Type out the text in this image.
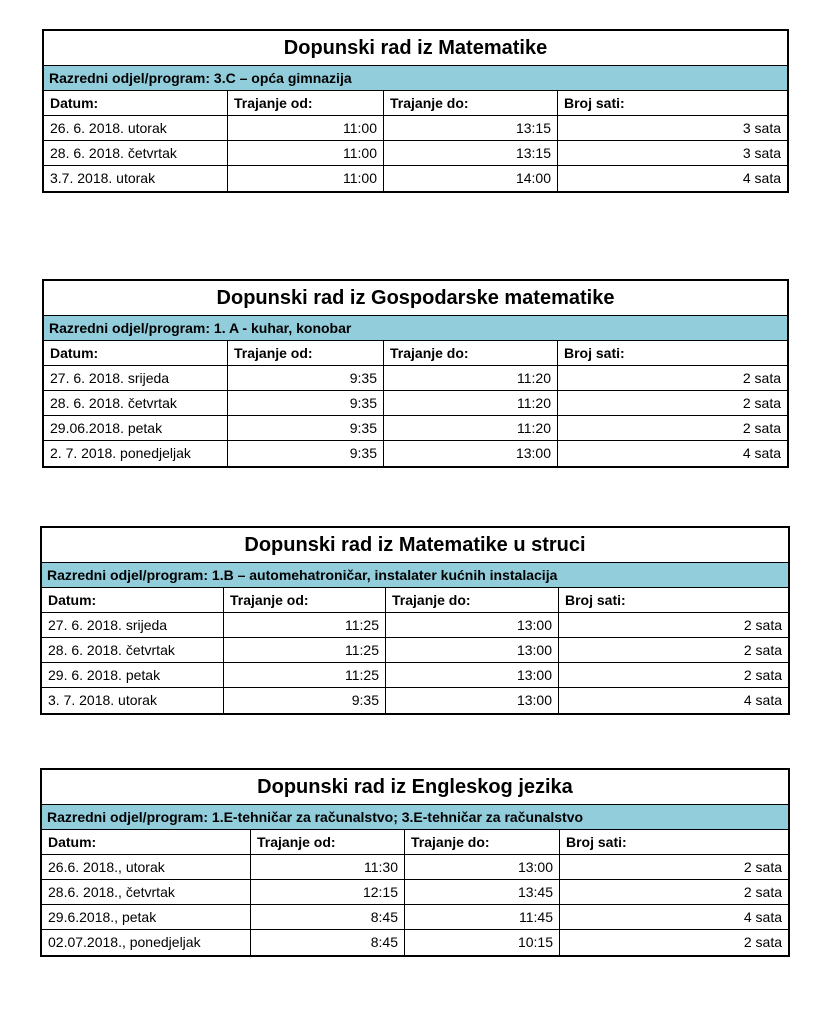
Dopunski rad iz Matematike
Razredni odjel/program: 3.C – opća gimnazija
Datum:	Trajanje od:	Trajanje do:	Broj sati:
26. 6. 2018. utorak	11:00	13:15	3 sata
28. 6. 2018. četvrtak	11:00	13:15	3 sata
3.7. 2018. utorak	11:00	14:00	4 sata
Dopunski rad iz Gospodarske matematike
Razredni odjel/program: 1. A - kuhar, konobar
Datum:	Trajanje od:	Trajanje do:	Broj sati:
27. 6. 2018. srijeda	9:35	11:20	2 sata
28. 6. 2018. četvrtak	9:35	11:20	2 sata
29.06.2018. petak	9:35	11:20	2 sata
2. 7. 2018. ponedjeljak	9:35	13:00	4 sata
Dopunski rad iz Matematike u struci
Razredni odjel/program: 1.B – automehatroničar, instalater kućnih instalacija
Datum:	Trajanje od:	Trajanje do:	Broj sati:
27. 6. 2018. srijeda	11:25	13:00	2 sata
28. 6. 2018. četvrtak	11:25	13:00	2 sata
29. 6. 2018. petak	11:25	13:00	2 sata
3. 7. 2018. utorak	9:35	13:00	4 sata
Dopunski rad iz Engleskog jezika
Razredni odjel/program: 1.E-tehničar za računalstvo; 3.E-tehničar za računalstvo
Datum:	Trajanje od:	Trajanje do:	Broj sati:
26.6. 2018., utorak	11:30	13:00	2 sata
28.6. 2018., četvrtak	12:15	13:45	2 sata
29.6.2018., petak	8:45	11:45	4 sata
02.07.2018., ponedjeljak	8:45	10:15	2 sata
